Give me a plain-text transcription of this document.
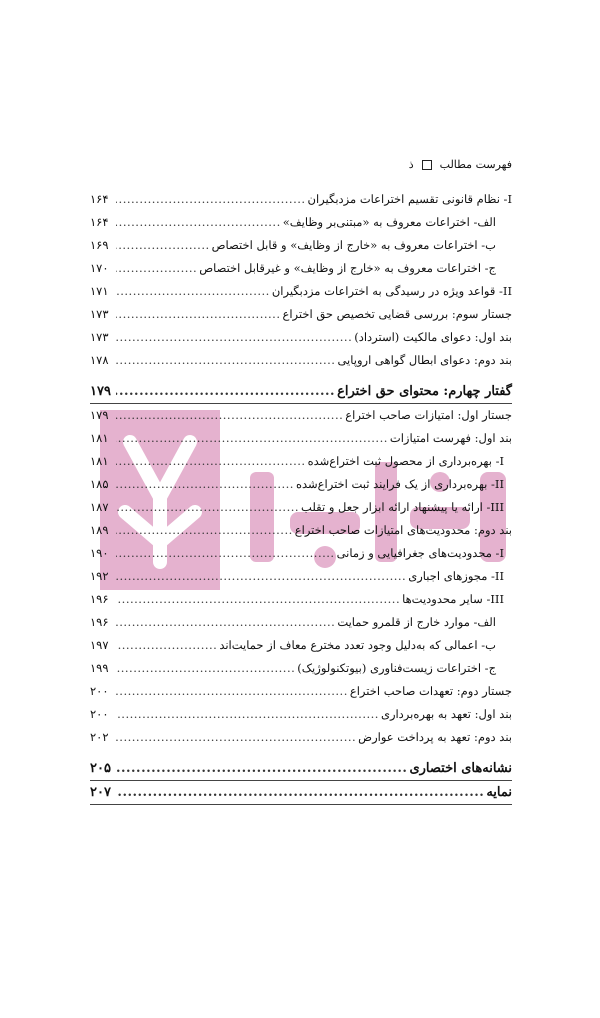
فهرست مطالب
ذ
I- نظام قانونی تقسیم اختراعات مزدبگیران
.....
۱۶۴
الف- اختراعات معروف به «مبتنی‌بر وظایف»
.....
۱۶۴
ب- اختراعات معروف به «خارج از وظایف» و قابل اختصاص
.....
۱۶۹
ج- اختراعات معروف به «خارج از وظایف» و غیرقابل اختصاص
.....
۱۷۰
II- قواعد ویژه در رسیدگی به اختراعات مزدبگیران
.....
۱۷۱
جستار سوم: بررسی قضایی تخصیص حق اختراع
.....
۱۷۳
بند اول: دعوای مالکیت (استرداد)
.....
۱۷۳
بند دوم: دعوای ابطال گواهی اروپایی
.....
۱۷۸
گفتار چهارم: محتوای حق اختراع
.....
۱۷۹
جستار اول: امتیازات صاحب اختراع
.....
۱۷۹
بند اول: فهرست امتیازات
.....
۱۸۱
I- بهره‌برداری از محصول ثبت اختراع‌شده
.....
۱۸۱
II- بهره‌برداری از یک فرایند ثبت اختراع‌شده
.....
۱۸۵
III- ارائه یا پیشنهاد ارائه ابزار جعل و تقلب
.....
۱۸۷
بند دوم: محدودیت‌های امتیازات صاحب اختراع
.....
۱۸۹
I- محدودیت‌های جغرافیایی و زمانی
.....
۱۹۰
II- مجوزهای اجباری
.....
۱۹۲
III- سایر محدودیت‌ها
.....
۱۹۶
الف- موارد خارج از قلمرو حمایت
.....
۱۹۶
ب- اعمالی که به‌دلیل وجود تعدد مخترع معاف از حمایت‌اند
.....
۱۹۷
ج- اختراعات زیست‌فناوری (بیوتکنولوژیک)
.....
۱۹۹
جستار دوم: تعهدات صاحب اختراع
.....
۲۰۰
بند اول: تعهد به بهره‌برداری
.....
۲۰۰
بند دوم: تعهد به پرداخت عوارض
.....
۲۰۲
نشانه‌های اختصاری
.....
۲۰۵
نمایه
.....
۲۰۷
